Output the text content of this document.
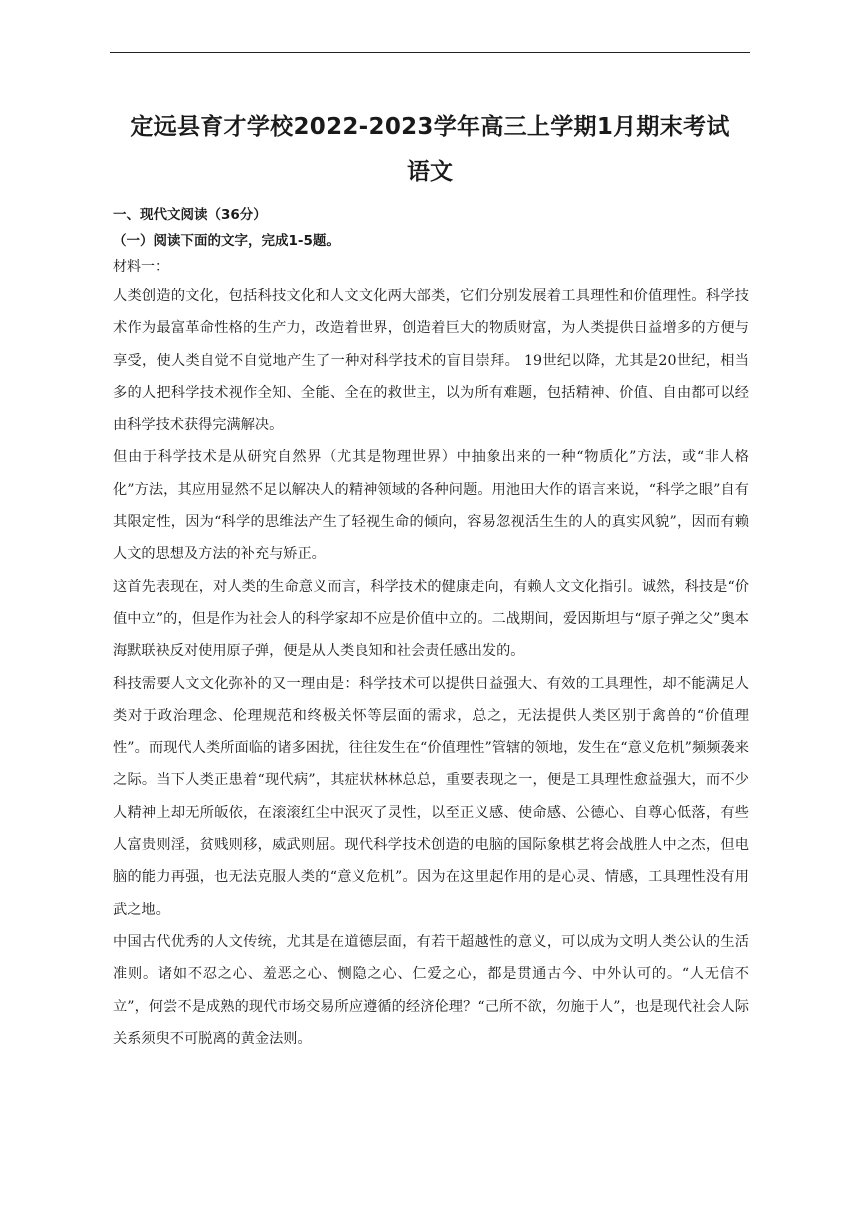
定远县育才学校2022-2023学年高三上学期1月期末考试
语文

一、现代文阅读（36分）

（一）阅读下面的文字，完成1-5题。

材料一：

人类创造的文化，包括科技文化和人文文化两大部类，它们分别发展着工具理性和价值理性。科学技术作为最富革命性格的生产力，改造着世界，创造着巨大的物质财富，为人类提供日益增多的方便与享受，使人类自觉不自觉地产生了一种对科学技术的盲目崇拜。 19世纪以降，尤其是20世纪，相当多的人把科学技术视作全知、全能、全在的救世主，以为所有难题，包括精神、价值、自由都可以经由科学技术获得完满解决。

但由于科学技术是从研究自然界（尤其是物理世界）中抽象出来的一种“物质化”方法，或“非人格化”方法，其应用显然不足以解决人的精神领域的各种问题。用池田大作的语言来说，“科学之眼”自有其限定性，因为“科学的思维法产生了轻视生命的倾向，容易忽视活生生的人的真实风貌”，因而有赖人文的思想及方法的补充与矫正。

这首先表现在，对人类的生命意义而言，科学技术的健康走向，有赖人文文化指引。诚然，科技是“价值中立”的，但是作为社会人的科学家却不应是价值中立的。二战期间，爱因斯坦与“原子弹之父”奥本海默联袂反对使用原子弹，便是从人类良知和社会责任感出发的。

科技需要人文文化弥补的又一理由是：科学技术可以提供日益强大、有效的工具理性，却不能满足人类对于政治理念、伦理规范和终极关怀等层面的需求，总之，无法提供人类区别于禽兽的“价值理性”。而现代人类所面临的诸多困扰，往往发生在“价值理性”管辖的领地，发生在“意义危机”频频袭来之际。当下人类正患着“现代病”，其症状林林总总，重要表现之一，便是工具理性愈益强大，而不少人精神上却无所皈依，在滚滚红尘中泯灭了灵性，以至正义感、使命感、公德心、自尊心低落，有些人富贵则淫，贫贱则移，威武则屈。现代科学技术创造的电脑的国际象棋艺将会战胜人中之杰，但电脑的能力再强，也无法克服人类的“意义危机”。因为在这里起作用的是心灵、情感，工具理性没有用武之地。

中国古代优秀的人文传统，尤其是在道德层面，有若干超越性的意义，可以成为文明人类公认的生活准则。诸如不忍之心、羞恶之心、恻隐之心、仁爱之心，都是贯通古今、中外认可的。“人无信不立”，何尝不是成熟的现代市场交易所应遵循的经济伦理？“己所不欲，勿施于人”，也是现代社会人际关系须臾不可脱离的黄金法则。
